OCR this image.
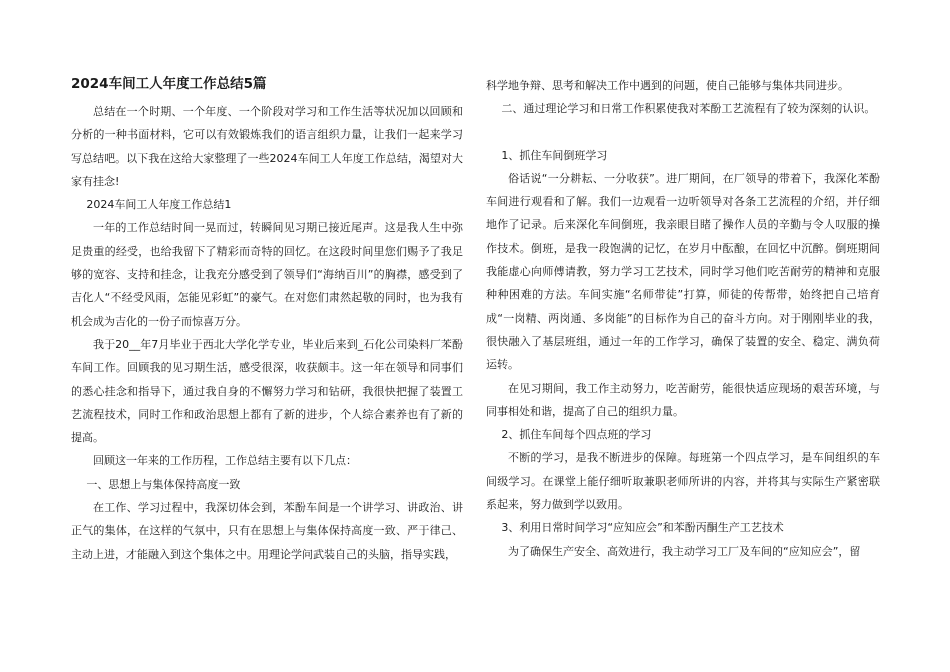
2024车间工人年度工作总结5篇

总结在一个时期、一个年度、一个阶段对学习和工作生活等状况加以回顾和分析的一种书面材料，它可以有效锻炼我们的语言组织力量，让我们一起来学习写总结吧。以下我在这给大家整理了一些2024车间工人年度工作总结，渴望对大家有挂念!

2024车间工人年度工作总结1

一年的工作总结时间一晃而过，转瞬间见习期已接近尾声。这是我人生中弥足贵重的经受，也给我留下了精彩而奇特的回忆。在这段时间里您们赐予了我足够的宽容、支持和挂念，让我充分感受到了领导们“海纳百川”的胸襟，感受到了吉化人“不经受风雨，怎能见彩虹”的豪气。在对您们肃然起敬的同时，也为我有机会成为吉化的一份子而惊喜万分。

我于20__年7月毕业于西北大学化学专业，毕业后来到_石化公司染料厂苯酚车间工作。回顾我的见习期生活，感受很深，收获颇丰。这一年在领导和同事们的悉心挂念和指导下，通过我自身的不懈努力学习和钻研，我很快把握了装置工艺流程技术，同时工作和政治思想上都有了新的进步，个人综合素养也有了新的提高。

回顾这一年来的工作历程，工作总结主要有以下几点：

一、思想上与集体保持高度一致

在工作、学习过程中，我深切体会到，苯酚车间是一个讲学习、讲政治、讲正气的集体，在这样的气氛中，只有在思想上与集体保持高度一致、严于律己、主动上进，才能融入到这个集体之中。用理论学问武装自己的头脑，指导实践，

科学地争辩、思考和解决工作中遇到的问题，使自己能够与集体共同进步。

二、通过理论学习和日常工作积累使我对苯酚工艺流程有了较为深刻的认识。

1、抓住车间倒班学习

俗话说“一分耕耘、一分收获”。进厂期间，在厂领导的带着下，我深化苯酚车间进行观看和了解。我们一边观看一边听领导对各条工艺流程的介绍，并仔细地作了记录。后来深化车间倒班，我亲眼目睹了操作人员的辛勤与令人叹服的操作技术。倒班，是我一段饱满的记忆，在岁月中酝酿，在回忆中沉醉。倒班期间我能虚心向师傅请教，努力学习工艺技术，同时学习他们吃苦耐劳的精神和克服种种困难的方法。车间实施“名师带徒”打算，师徒的传帮带，始终把自己培育成“一岗精、两岗通、多岗能”的目标作为自己的奋斗方向。对于刚刚毕业的我，很快融入了基层班组，通过一年的工作学习，确保了装置的安全、稳定、满负荷运转。

在见习期间，我工作主动努力，吃苦耐劳，能很快适应现场的艰苦环境，与同事相处和谐，提高了自己的组织力量。

2、抓住车间每个四点班的学习

不断的学习，是我不断进步的保障。每班第一个四点学习，是车间组织的车间级学习。在课堂上能仔细听取兼职老师所讲的内容，并将其与实际生产紧密联系起来，努力做到学以致用。

3、利用日常时间学习“应知应会”和苯酚丙酮生产工艺技术

为了确保生产安全、高效进行，我主动学习工厂及车间的“应知应会”，留
